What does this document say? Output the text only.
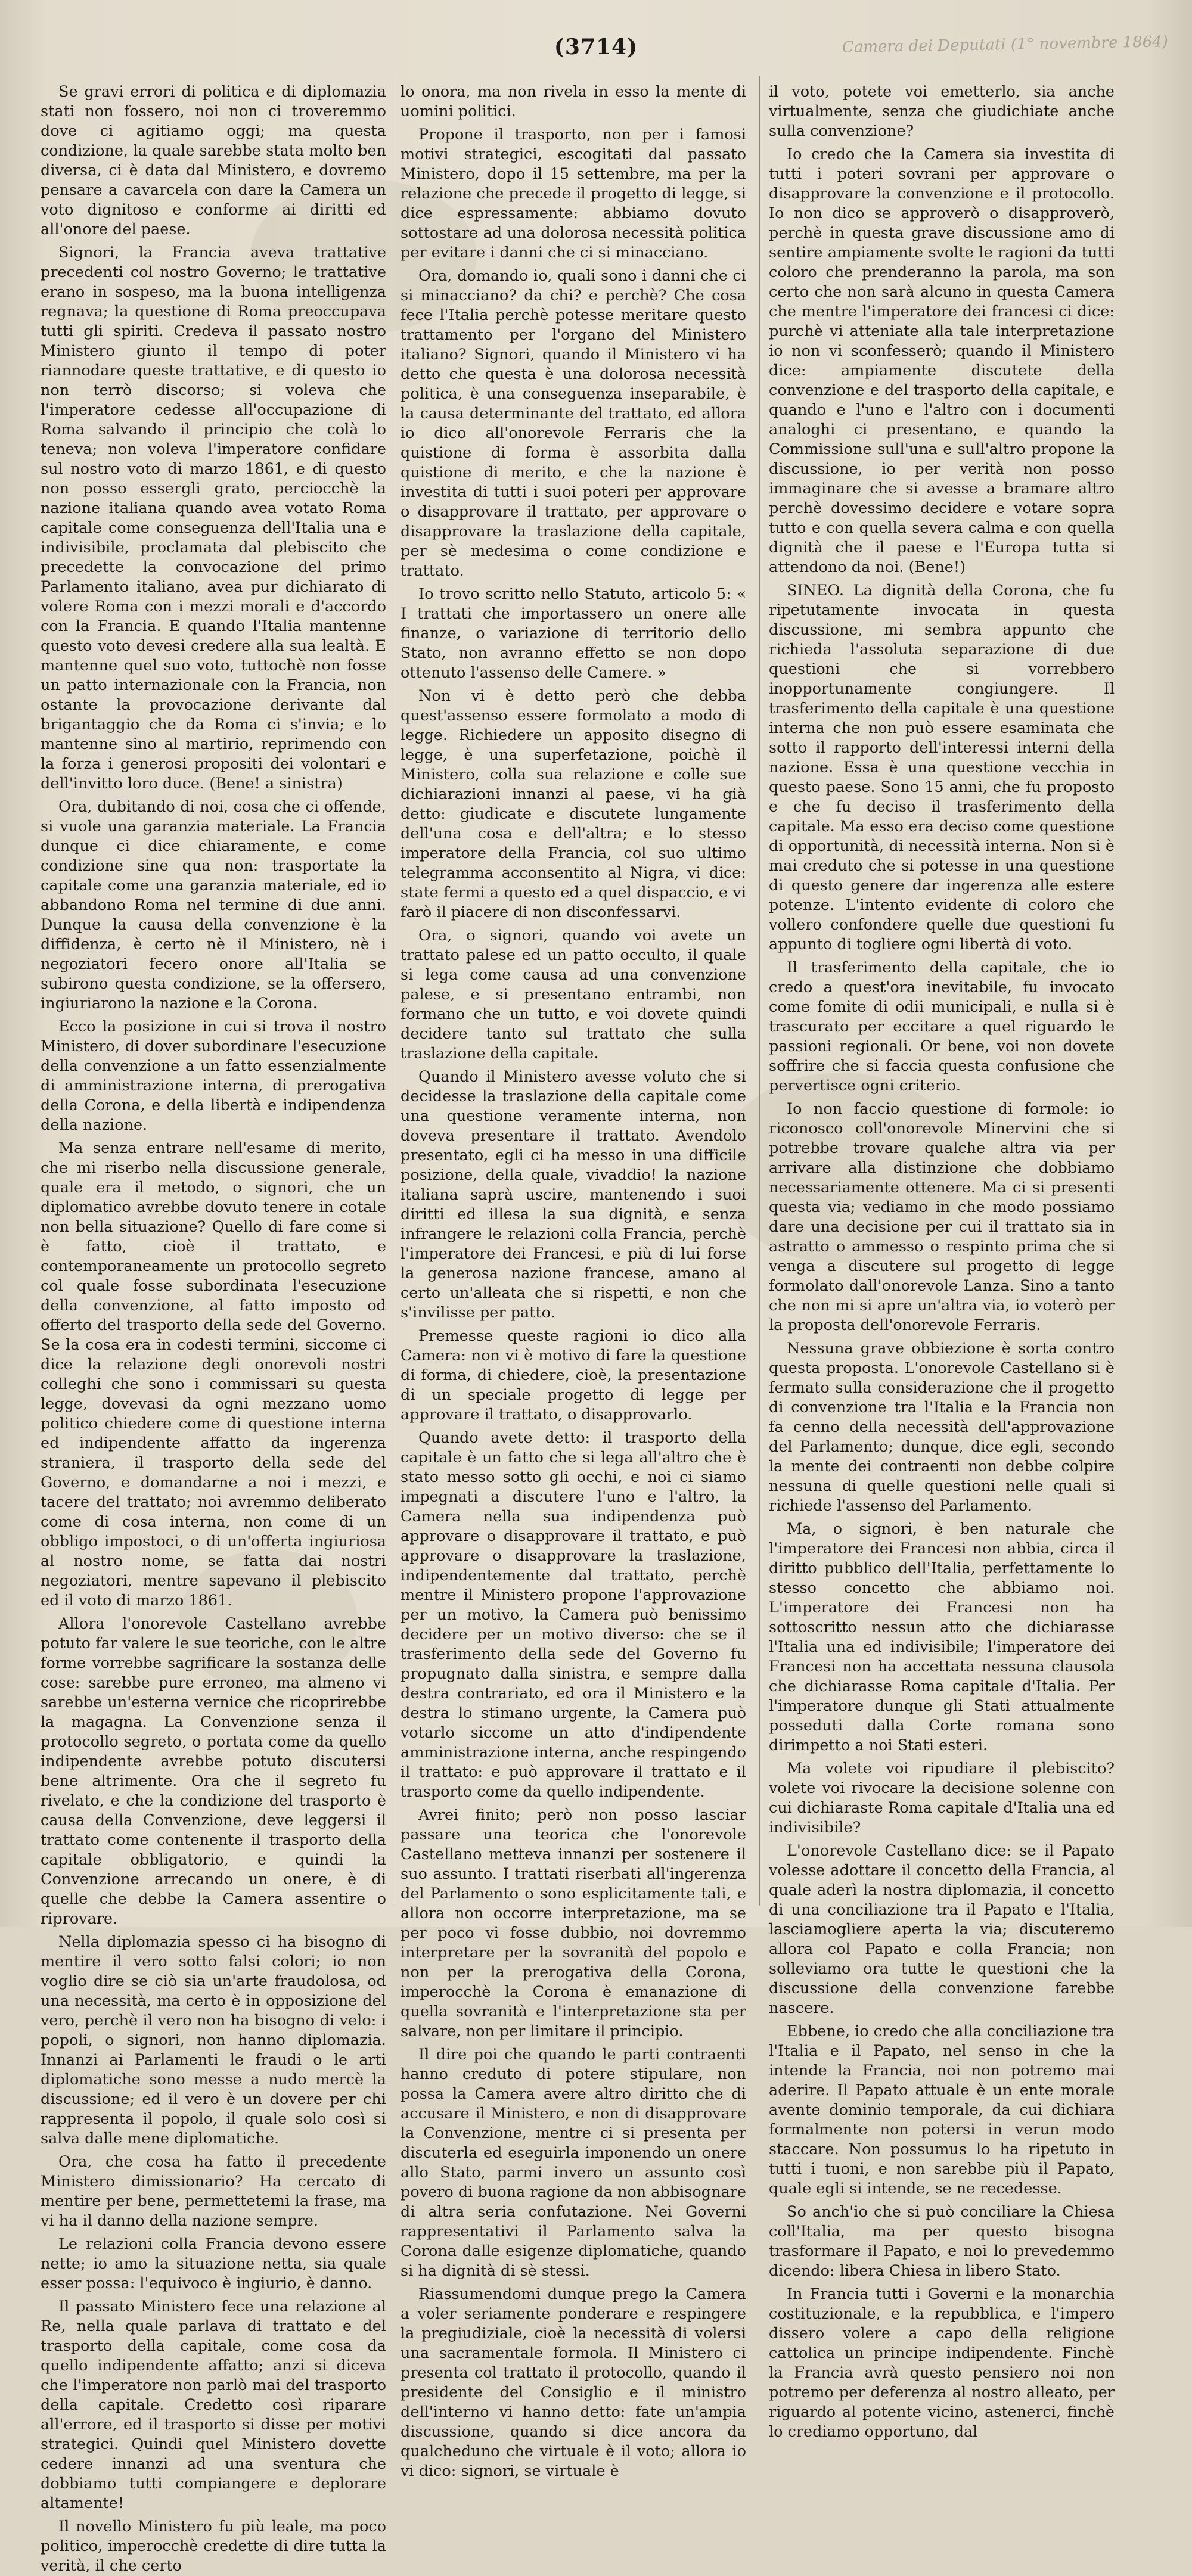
(3714)	Camera dei Deputati (1° novembre 1864)

Se gravi errori di politica e di diplomazia stati non fossero, noi non ci troveremmo dove ci agitiamo oggi; ma questa condizione, la quale sarebbe stata molto ben diversa, ci è data dal Ministero, e dovremo pensare a cavarcela con dare la Camera un voto dignitoso e conforme ai diritti ed all'onore del paese.

Signori, la Francia aveva trattative precedenti col nostro Governo; le trattative erano in sospeso, ma la buona intelligenza regnava; la questione di Roma preoccupava tutti gli spiriti. Credeva il passato nostro Ministero giunto il tempo di poter riannodare queste trattative, e di questo io non terrò discorso; si voleva che l'imperatore cedesse all'occupazione di Roma salvando il principio che colà lo teneva; non voleva l'imperatore confidare sul nostro voto di marzo 1861, e di questo non posso essergli grato, perciocchè la nazione italiana quando avea votato Roma capitale come conseguenza dell'Italia una e indivisibile, proclamata dal plebiscito che precedette la convocazione del primo Parlamento italiano, avea pur dichiarato di volere Roma con i mezzi morali e d'accordo con la Francia. E quando l'Italia mantenne questo voto devesi credere alla sua lealtà. E mantenne quel suo voto, tuttochè non fosse un patto internazionale con la Francia, non ostante la provocazione derivante dal brigantaggio che da Roma ci s'invia; e lo mantenne sino al martirio, reprimendo con la forza i generosi propositi dei volontari e dell'invitto loro duce. (Bene! a sinistra)

Ora, dubitando di noi, cosa che ci offende, si vuole una garanzia materiale. La Francia dunque ci dice chiaramente, e come condizione sine qua non: trasportate la capitale come una garanzia materiale, ed io abbandono Roma nel termine di due anni. Dunque la causa della convenzione è la diffidenza, è certo nè il Ministero, nè i negoziatori fecero onore all'Italia se subirono questa condizione, se la offersero, ingiuriarono la nazione e la Corona.

Ecco la posizione in cui si trova il nostro Ministero, di dover subordinare l'esecuzione della convenzione a un fatto essenzialmente di amministrazione interna, di prerogativa della Corona, e della libertà e indipendenza della nazione.

Ma senza entrare nell'esame di merito, che mi riserbo nella discussione generale, quale era il metodo, o signori, che un diplomatico avrebbe dovuto tenere in cotale non bella situazione? Quello di fare come si è fatto, cioè il trattato, e contemporaneamente un protocollo segreto col quale fosse subordinata l'esecuzione della convenzione, al fatto imposto od offerto del trasporto della sede del Governo. Se la cosa era in codesti termini, siccome ci dice la relazione degli onorevoli nostri colleghi che sono i commissari su questa legge, dovevasi da ogni mezzano uomo politico chiedere come di questione interna ed indipendente affatto da ingerenza straniera, il trasporto della sede del Governo, e domandarne a noi i mezzi, e tacere del trattato; noi avremmo deliberato come di cosa interna, non come di un obbligo impostoci, o di un'offerta ingiuriosa al nostro nome, se fatta dai nostri negoziatori, mentre sapevano il plebiscito ed il voto di marzo 1861.

Allora l'onorevole Castellano avrebbe potuto far valere le sue teoriche, con le altre forme vorrebbe sagrificare la sostanza delle cose: sarebbe pure erroneo, ma almeno vi sarebbe un'esterna vernice che ricoprirebbe la magagna. La Convenzione senza il protocollo segreto, o portata come da quello indipendente avrebbe potuto discutersi bene altrimente. Ora che il segreto fu rivelato, e che la condizione del trasporto è causa della Convenzione, deve leggersi il trattato come contenente il trasporto della capitale obbligatorio, e quindi la Convenzione arrecando un onere, è di quelle che debbe la Camera assentire o riprovare.

Nella diplomazia spesso ci ha bisogno di mentire il vero sotto falsi colori; io non voglio dire se ciò sia un'arte fraudolosa, od una necessità, ma certo è in opposizione del vero, perchè il vero non ha bisogno di velo: i popoli, o signori, non hanno diplomazia. Innanzi ai Parlamenti le fraudi o le arti diplomatiche sono messe a nudo mercè la discussione; ed il vero è un dovere per chi rappresenta il popolo, il quale solo così si salva dalle mene diplomatiche.

Ora, che cosa ha fatto il precedente Ministero dimissionario? Ha cercato di mentire per bene, permettetemi la frase, ma vi ha il danno della nazione sempre.

Le relazioni colla Francia devono essere nette; io amo la situazione netta, sia quale esser possa: l'equivoco è ingiurio, è danno.

Il passato Ministero fece una relazione al Re, nella quale parlava di trattato e del trasporto della capitale, come cosa da quello indipendente affatto; anzi si diceva che l'imperatore non parlò mai del trasporto della capitale. Credetto così riparare all'errore, ed il trasporto si disse per motivi strategici. Quindi quel Ministero dovette cedere innanzi ad una sventura che dobbiamo tutti compiangere e deplorare altamente!

Il novello Ministero fu più leale, ma poco politico, imperocchè credette di dire tutta la verità, il che certo

lo onora, ma non rivela in esso la mente di uomini politici.

Propone il trasporto, non per i famosi motivi strategici, escogitati dal passato Ministero, dopo il 15 settembre, ma per la relazione che precede il progetto di legge, si dice espressamente: abbiamo dovuto sottostare ad una dolorosa necessità politica per evitare i danni che ci si minacciano.

Ora, domando io, quali sono i danni che ci si minacciano? da chi? e perchè? Che cosa fece l'Italia perchè potesse meritare questo trattamento per l'organo del Ministero italiano? Signori, quando il Ministero vi ha detto che questa è una dolorosa necessità politica, è una conseguenza inseparabile, è la causa determinante del trattato, ed allora io dico all'onorevole Ferraris che la quistione di forma è assorbita dalla quistione di merito, e che la nazione è investita di tutti i suoi poteri per approvare o disapprovare il trattato, per approvare o disapprovare la traslazione della capitale, per sè medesima o come condizione e trattato.

Io trovo scritto nello Statuto, articolo 5: « I trattati che importassero un onere alle finanze, o variazione di territorio dello Stato, non avranno effetto se non dopo ottenuto l'assenso delle Camere. »

Non vi è detto però che debba quest'assenso essere formolato a modo di legge. Richiedere un apposito disegno di legge, è una superfetazione, poichè il Ministero, colla sua relazione e colle sue dichiarazioni innanzi al paese, vi ha già detto: giudicate e discutete lungamente dell'una cosa e dell'altra; e lo stesso imperatore della Francia, col suo ultimo telegramma acconsentito al Nigra, vi dice: state fermi a questo ed a quel dispaccio, e vi farò il piacere di non disconfessarvi.

Ora, o signori, quando voi avete un trattato palese ed un patto occulto, il quale si lega come causa ad una convenzione palese, e si presentano entrambi, non formano che un tutto, e voi dovete quindi decidere tanto sul trattato che sulla traslazione della capitale.

Quando il Ministero avesse voluto che si decidesse la traslazione della capitale come una questione veramente interna, non doveva presentare il trattato. Avendolo presentato, egli ci ha messo in una difficile posizione, della quale, vivaddio! la nazione italiana saprà uscire, mantenendo i suoi diritti ed illesa la sua dignità, e senza infrangere le relazioni colla Francia, perchè l'imperatore dei Francesi, e più di lui forse la generosa nazione francese, amano al certo un'alleata che si rispetti, e non che s'invilisse per patto.

Premesse queste ragioni io dico alla Camera: non vi è motivo di fare la questione di forma, di chiedere, cioè, la presentazione di un speciale progetto di legge per approvare il trattato, o disapprovarlo.

Quando avete detto: il trasporto della capitale è un fatto che si lega all'altro che è stato messo sotto gli occhi, e noi ci siamo impegnati a discutere l'uno e l'altro, la Camera nella sua indipendenza può approvare o disapprovare il trattato, e può approvare o disapprovare la traslazione, indipendentemente dal trattato, perchè mentre il Ministero propone l'approvazione per un motivo, la Camera può benissimo decidere per un motivo diverso: che se il trasferimento della sede del Governo fu propugnato dalla sinistra, e sempre dalla destra contrariato, ed ora il Ministero e la destra lo stimano urgente, la Camera può votarlo siccome un atto d'indipendente amministrazione interna, anche respingendo il trattato: e può approvare il trattato e il trasporto come da quello indipendente.

Avrei finito; però non posso lasciar passare una teorica che l'onorevole Castellano metteva innanzi per sostenere il suo assunto. I trattati riserbati all'ingerenza del Parlamento o sono esplicitamente tali, e allora non occorre interpretazione, ma se per poco vi fosse dubbio, noi dovremmo interpretare per la sovranità del popolo e non per la prerogativa della Corona, imperocchè la Corona è emanazione di quella sovranità e l'interpretazione sta per salvare, non per limitare il principio.

Il dire poi che quando le parti contraenti hanno creduto di potere stipulare, non possa la Camera avere altro diritto che di accusare il Ministero, e non di disapprovare la Convenzione, mentre ci si presenta per discuterla ed eseguirla imponendo un onere allo Stato, parmi invero un assunto così povero di buona ragione da non abbisognare di altra seria confutazione. Nei Governi rappresentativi il Parlamento salva la Corona dalle esigenze diplomatiche, quando si ha dignità di sè stessi.

Riassumendomi dunque prego la Camera a voler seriamente ponderare e respingere la pregiudiziale, cioè la necessità di volersi una sacramentale formola. Il Ministero ci presenta col trattato il protocollo, quando il presidente del Consiglio e il ministro dell'interno vi hanno detto: fate un'ampia discussione, quando si dice ancora da qualcheduno che virtuale è il voto; allora io vi dico: signori, se virtuale è

il voto, potete voi emetterlo, sia anche virtualmente, senza che giudichiate anche sulla convenzione?

Io credo che la Camera sia investita di tutti i poteri sovrani per approvare o disapprovare la convenzione e il protocollo. Io non dico se approverò o disapproverò, perchè in questa grave discussione amo di sentire ampiamente svolte le ragioni da tutti coloro che prenderanno la parola, ma son certo che non sarà alcuno in questa Camera che mentre l'imperatore dei francesi ci dice: purchè vi atteniate alla tale interpretazione io non vi sconfesserò; quando il Ministero dice: ampiamente discutete della convenzione e del trasporto della capitale, e quando e l'uno e l'altro con i documenti analoghi ci presentano, e quando la Commissione sull'una e sull'altro propone la discussione, io per verità non posso immaginare che si avesse a bramare altro perchè dovessimo decidere e votare sopra tutto e con quella severa calma e con quella dignità che il paese e l'Europa tutta si attendono da noi. (Bene!)

SINEO. La dignità della Corona, che fu ripetutamente invocata in questa discussione, mi sembra appunto che richieda l'assoluta separazione di due questioni che si vorrebbero inopportunamente congiungere. Il trasferimento della capitale è una questione interna che non può essere esaminata che sotto il rapporto dell'interessi interni della nazione. Essa è una questione vecchia in questo paese. Sono 15 anni, che fu proposto e che fu deciso il trasferimento della capitale. Ma esso era deciso come questione di opportunità, di necessità interna. Non si è mai creduto che si potesse in una questione di questo genere dar ingerenza alle estere potenze. L'intento evidente di coloro che vollero confondere quelle due questioni fu appunto di togliere ogni libertà di voto.

Il trasferimento della capitale, che io credo a quest'ora inevitabile, fu invocato come fomite di odii municipali, e nulla si è trascurato per eccitare a quel riguardo le passioni regionali. Or bene, voi non dovete soffrire che si faccia questa confusione che pervertisce ogni criterio.

Io non faccio questione di formole: io riconosco coll'onorevole Minervini che si potrebbe trovare qualche altra via per arrivare alla distinzione che dobbiamo necessariamente ottenere. Ma ci si presenti questa via; vediamo in che modo possiamo dare una decisione per cui il trattato sia in astratto o ammesso o respinto prima che si venga a discutere sul progetto di legge formolato dall'onorevole Lanza. Sino a tanto che non mi si apre un'altra via, io voterò per la proposta dell'onorevole Ferraris.

Nessuna grave obbiezione è sorta contro questa proposta. L'onorevole Castellano si è fermato sulla considerazione che il progetto di convenzione tra l'Italia e la Francia non fa cenno della necessità dell'approvazione del Parlamento; dunque, dice egli, secondo la mente dei contraenti non debbe colpire nessuna di quelle questioni nelle quali si richiede l'assenso del Parlamento.

Ma, o signori, è ben naturale che l'imperatore dei Francesi non abbia, circa il diritto pubblico dell'Italia, perfettamente lo stesso concetto che abbiamo noi. L'imperatore dei Francesi non ha sottoscritto nessun atto che dichiarasse l'Italia una ed indivisibile; l'imperatore dei Francesi non ha accettata nessuna clausola che dichiarasse Roma capitale d'Italia. Per l'imperatore dunque gli Stati attualmente posseduti dalla Corte romana sono dirimpetto a noi Stati esteri.

Ma volete voi ripudiare il plebiscito? volete voi rivocare la decisione solenne con cui dichiaraste Roma capitale d'Italia una ed indivisibile?

L'onorevole Castellano dice: se il Papato volesse adottare il concetto della Francia, al quale aderì la nostra diplomazia, il concetto di una conciliazione tra il Papato e l'Italia, lasciamogliere aperta la via; discuteremo allora col Papato e colla Francia; non solleviamo ora tutte le questioni che la discussione della convenzione farebbe nascere.

Ebbene, io credo che alla conciliazione tra l'Italia e il Papato, nel senso in che la intende la Francia, noi non potremo mai aderire. Il Papato attuale è un ente morale avente dominio temporale, da cui dichiara formalmente non potersi in verun modo staccare. Non possumus lo ha ripetuto in tutti i tuoni, e non sarebbe più il Papato, quale egli si intende, se ne recedesse.

So anch'io che si può conciliare la Chiesa coll'Italia, ma per questo bisogna trasformare il Papato, e noi lo prevedemmo dicendo: libera Chiesa in libero Stato.

In Francia tutti i Governi e la monarchia costituzionale, e la repubblica, e l'impero dissero volere a capo della religione cattolica un principe indipendente. Finchè la Francia avrà questo pensiero noi non potremo per deferenza al nostro alleato, per riguardo al potente vicino, astenerci, finchè lo crediamo opportuno, dal
